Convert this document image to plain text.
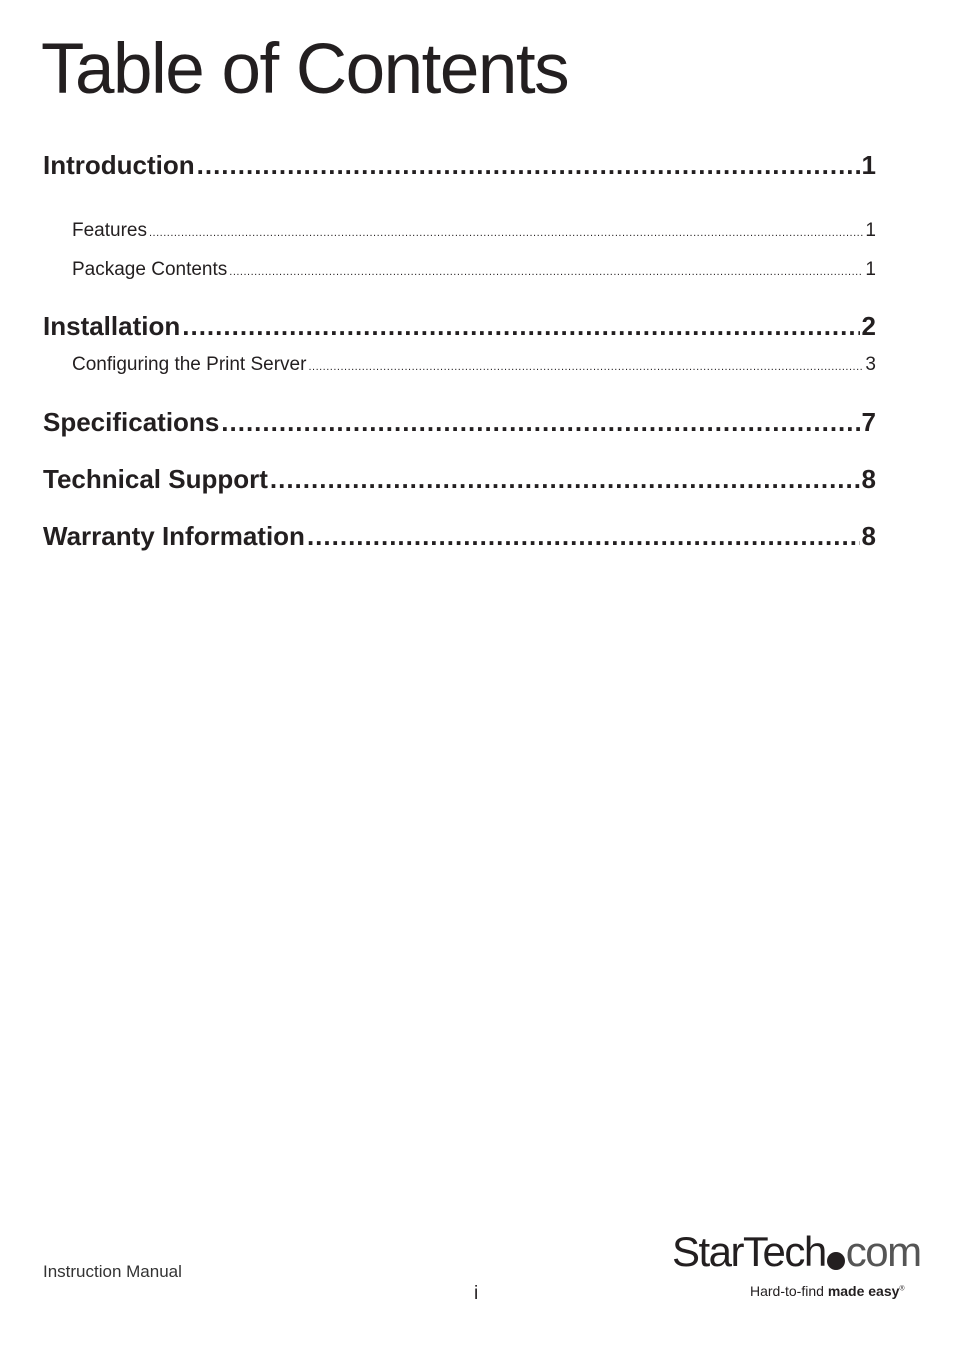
Table of Contents
Introduction .....	1
Features .....	1
Package Contents .....	1
Installation .....	2
Configuring the Print Server .....	3
Specifications .....	7
Technical Support .....	8
Warranty Information .....	8
Instruction Manual
i
StarTech com
Hard-to-find made easy®
